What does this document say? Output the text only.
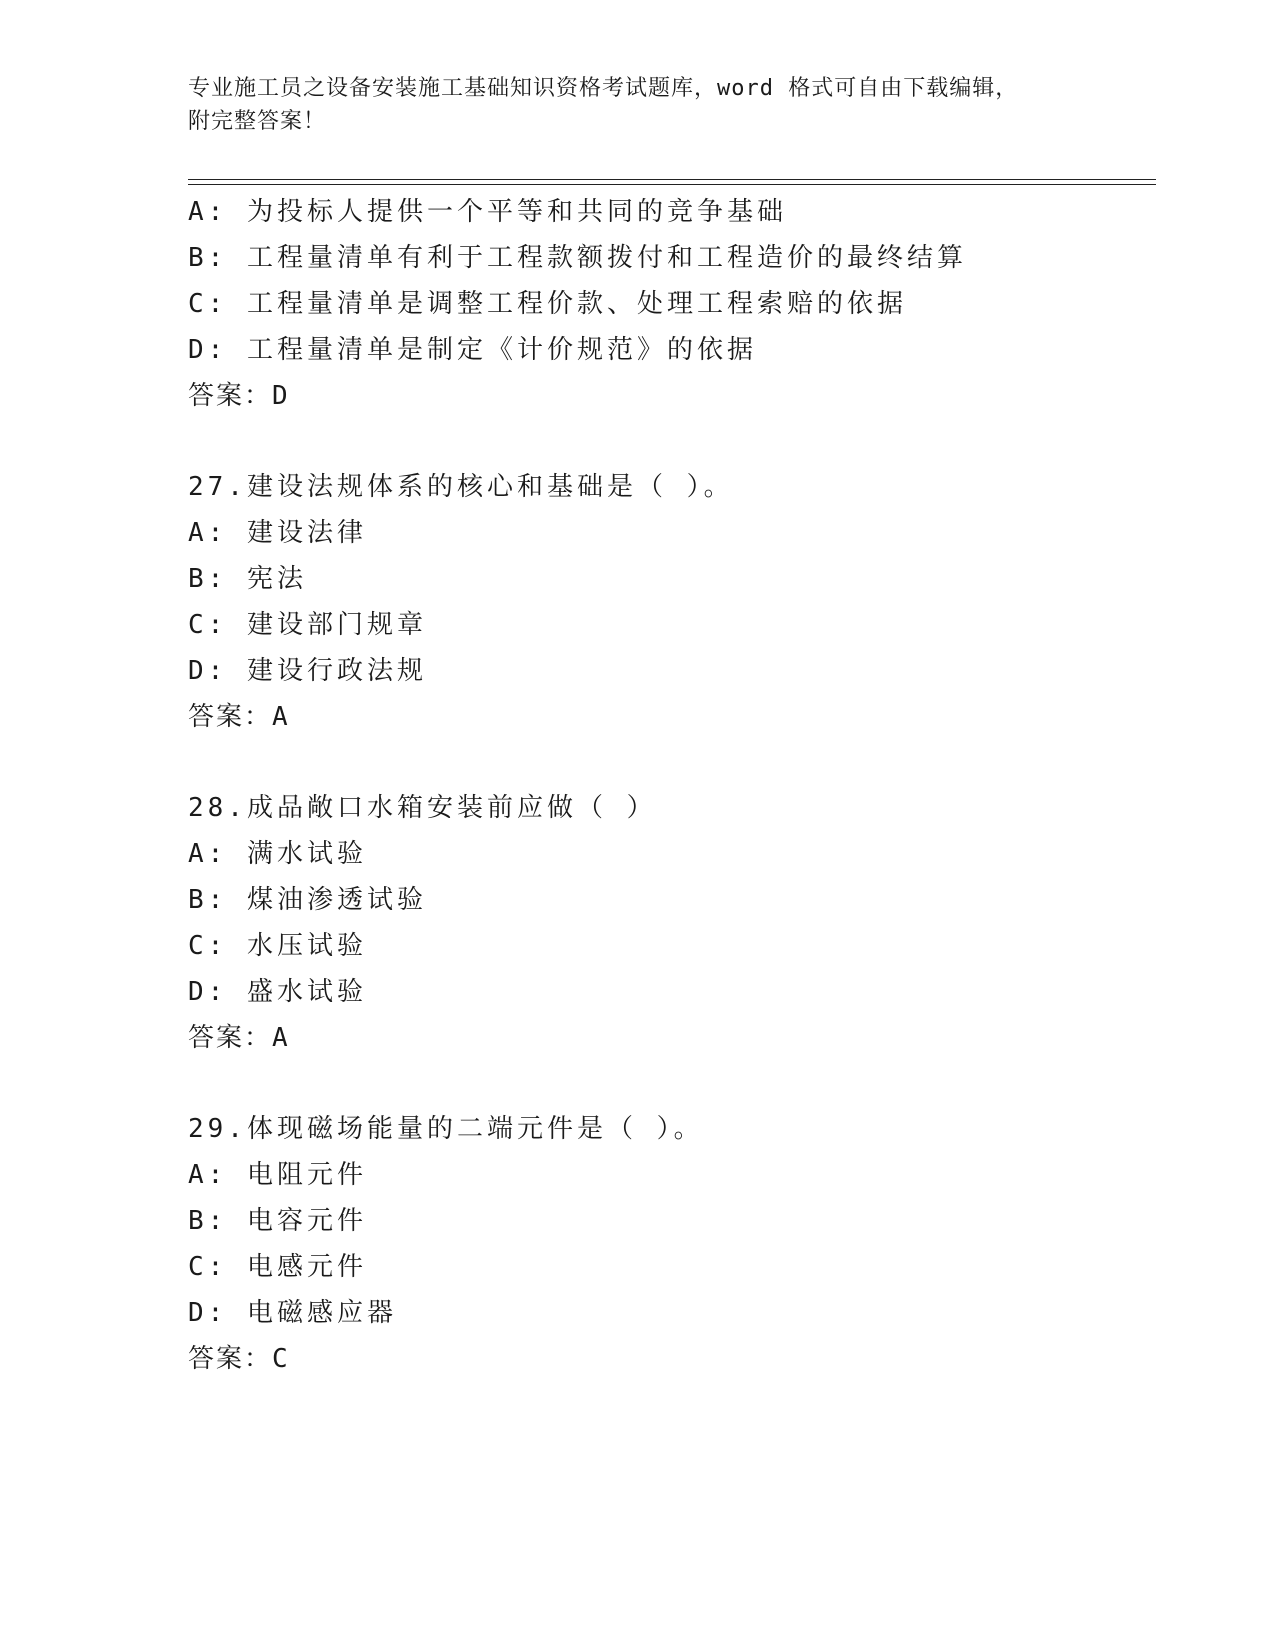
专业施工员之设备安装施工基础知识资格考试题库，word 格式可自由下载编辑，
附完整答案！
A: 为投标人提供一个平等和共同的竞争基础
B: 工程量清单有利于工程款额拨付和工程造价的最终结算
C: 工程量清单是调整工程价款、处理工程索赔的依据
D: 工程量清单是制定《计价规范》的依据
答案：D
27.建设法规体系的核心和基础是（ ）。
A: 建设法律
B: 宪法
C: 建设部门规章
D: 建设行政法规
答案：A
28.成品敞口水箱安装前应做（ ）
A: 满水试验
B: 煤油渗透试验
C: 水压试验
D: 盛水试验
答案：A
29.体现磁场能量的二端元件是（ ）。
A: 电阻元件
B: 电容元件
C: 电感元件
D: 电磁感应器
答案：C
